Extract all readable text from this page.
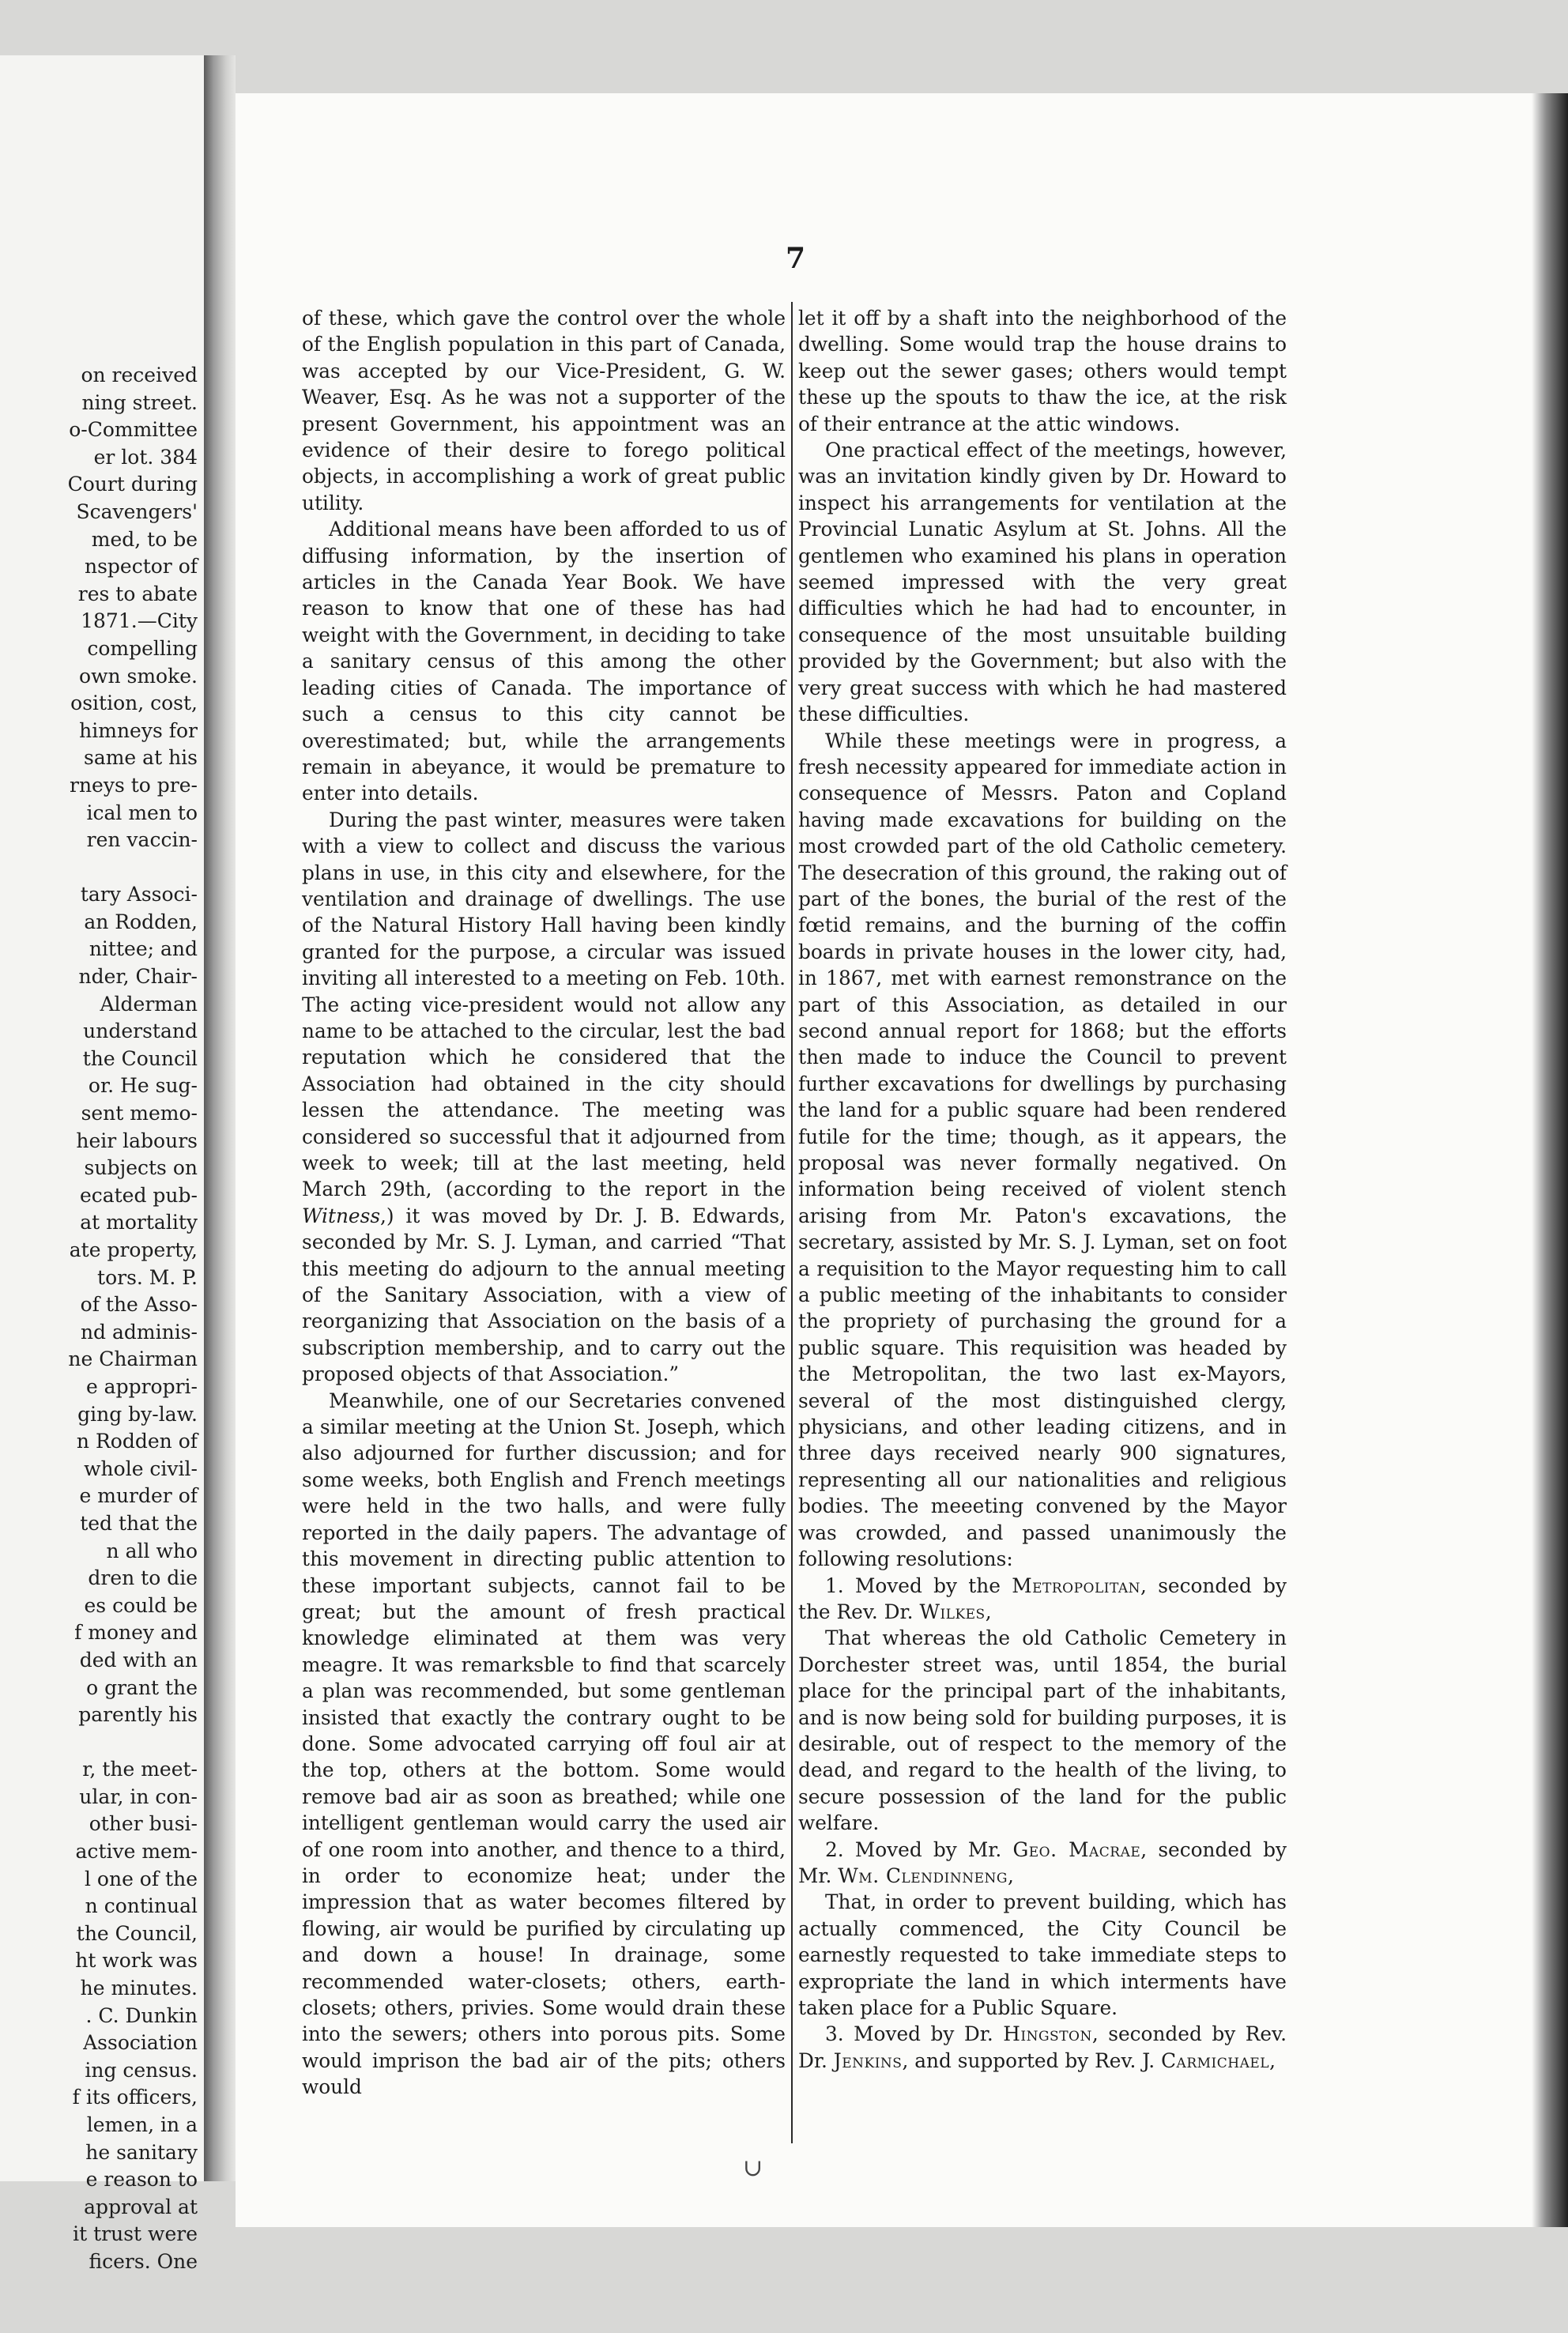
on received
ning street.
o-Committee
er lot. 384
Court during
Scavengers'
med, to be
nspector of
res to abate
1871.—City
compelling
own smoke.
osition, cost,
himneys for
same at his
rneys to pre-
ical men to
ren vaccin-

tary Associ-
an Rodden,
nittee; and
nder, Chair-
Alderman
understand
the Council
or. He sug-
sent memo-
heir labours
subjects on
ecated pub-
at mortality
ate property,
tors. M. P.
of the Asso-
nd adminis-
ne Chairman
e appropri-
ging by-law.
n Rodden of
whole civil-
e murder of
ted that the
n all who
dren to die
es could be
f money and
ded with an
o grant the
parently his

r, the meet-
ular, in con-
other busi-
active mem-
l one of the
n continual
the Council,
ht work was
he minutes.
. C. Dunkin
Association
ing census.
f its officers,
lemen, in a
he sanitary
e reason to
approval at
it trust were
ficers. One
7

of these, which gave the control over the whole of the English population in this part of Canada, was accepted by our Vice-President, G. W. Weaver, Esq. As he was not a supporter of the present Government, his appointment was an evidence of their desire to forego political objects, in accomplishing a work of great public utility.

Additional means have been afforded to us of diffusing information, by the insertion of articles in the Canada Year Book. We have reason to know that one of these has had weight with the Government, in deciding to take a sanitary census of this among the other leading cities of Canada. The importance of such a census to this city cannot be overestimated; but, while the arrangements remain in abeyance, it would be premature to enter into details.

During the past winter, measures were taken with a view to collect and discuss the various plans in use, in this city and elsewhere, for the ventilation and drainage of dwellings. The use of the Natural History Hall having been kindly granted for the purpose, a circular was issued inviting all interested to a meeting on Feb. 10th. The acting vice-president would not allow any name to be attached to the circular, lest the bad reputation which he considered that the Association had obtained in the city should lessen the attendance. The meeting was considered so successful that it adjourned from week to week; till at the last meeting, held March 29th, (according to the report in the Witness,) it was moved by Dr. J. B. Edwards, seconded by Mr. S. J. Lyman, and carried “That this meeting do adjourn to the annual meeting of the Sanitary Association, with a view of reorganizing that Association on the basis of a subscription membership, and to carry out the proposed objects of that Association.”

Meanwhile, one of our Secretaries convened a similar meeting at the Union St. Joseph, which also adjourned for further discussion; and for some weeks, both English and French meetings were held in the two halls, and were fully reported in the daily papers. The advantage of this movement in directing public attention to these important subjects, cannot fail to be great; but the amount of fresh practical knowledge eliminated at them was very meagre. It was remarksble to find that scarcely a plan was recommended, but some gentleman insisted that exactly the contrary ought to be done. Some advocated carrying off foul air at the top, others at the bottom. Some would remove bad air as soon as breathed; while one intelligent gentleman would carry the used air of one room into another, and thence to a third, in order to economize heat; under the impression that as water becomes filtered by flowing, air would be purified by circulating up and down a house! In drainage, some recommended water-closets; others, earth-closets; others, privies. Some would drain these into the sewers; others into porous pits. Some would imprison the bad air of the pits; others would

let it off by a shaft into the neighborhood of the dwelling. Some would trap the house drains to keep out the sewer gases; others would tempt these up the spouts to thaw the ice, at the risk of their entrance at the attic windows.

One practical effect of the meetings, however, was an invitation kindly given by Dr. Howard to inspect his arrangements for ventilation at the Provincial Lunatic Asylum at St. Johns. All the gentlemen who examined his plans in operation seemed impressed with the very great difficulties which he had had to encounter, in consequence of the most unsuitable building provided by the Government; but also with the very great success with which he had mastered these difficulties.

While these meetings were in progress, a fresh necessity appeared for immediate action in consequence of Messrs. Paton and Copland having made excavations for building on the most crowded part of the old Catholic cemetery. The desecration of this ground, the raking out of part of the bones, the burial of the rest of the fœtid remains, and the burning of the coffin boards in private houses in the lower city, had, in 1867, met with earnest remonstrance on the part of this Association, as detailed in our second annual report for 1868; but the efforts then made to induce the Council to prevent further excavations for dwellings by purchasing the land for a public square had been rendered futile for the time; though, as it appears, the proposal was never formally negatived. On information being received of violent stench arising from Mr. Paton's excavations, the secretary, assisted by Mr. S. J. Lyman, set on foot a requisition to the Mayor requesting him to call a public meeting of the inhabitants to consider the propriety of purchasing the ground for a public square. This requisition was headed by the Metropolitan, the two last ex-Mayors, several of the most distinguished clergy, physicians, and other leading citizens, and in three days received nearly 900 signatures, representing all our nationalities and religious bodies. The meeeting convened by the Mayor was crowded, and passed unanimously the following resolutions:

1. Moved by the Metropolitan, seconded by the Rev. Dr. Wilkes,

That whereas the old Catholic Cemetery in Dorchester street was, until 1854, the burial place for the principal part of the inhabitants, and is now being sold for building purposes, it is desirable, out of respect to the memory of the dead, and regard to the health of the living, to secure possession of the land for the public welfare.

2. Moved by Mr. Geo. Macrae, seconded by Mr. Wm. Clendinneng,

That, in order to prevent building, which has actually commenced, the City Council be earnestly requested to take immediate steps to expropriate the land in which interments have taken place for a Public Square.

3. Moved by Dr. Hingston, seconded by Rev. Dr. Jenkins, and supported by Rev. J. Carmichael,

∪
